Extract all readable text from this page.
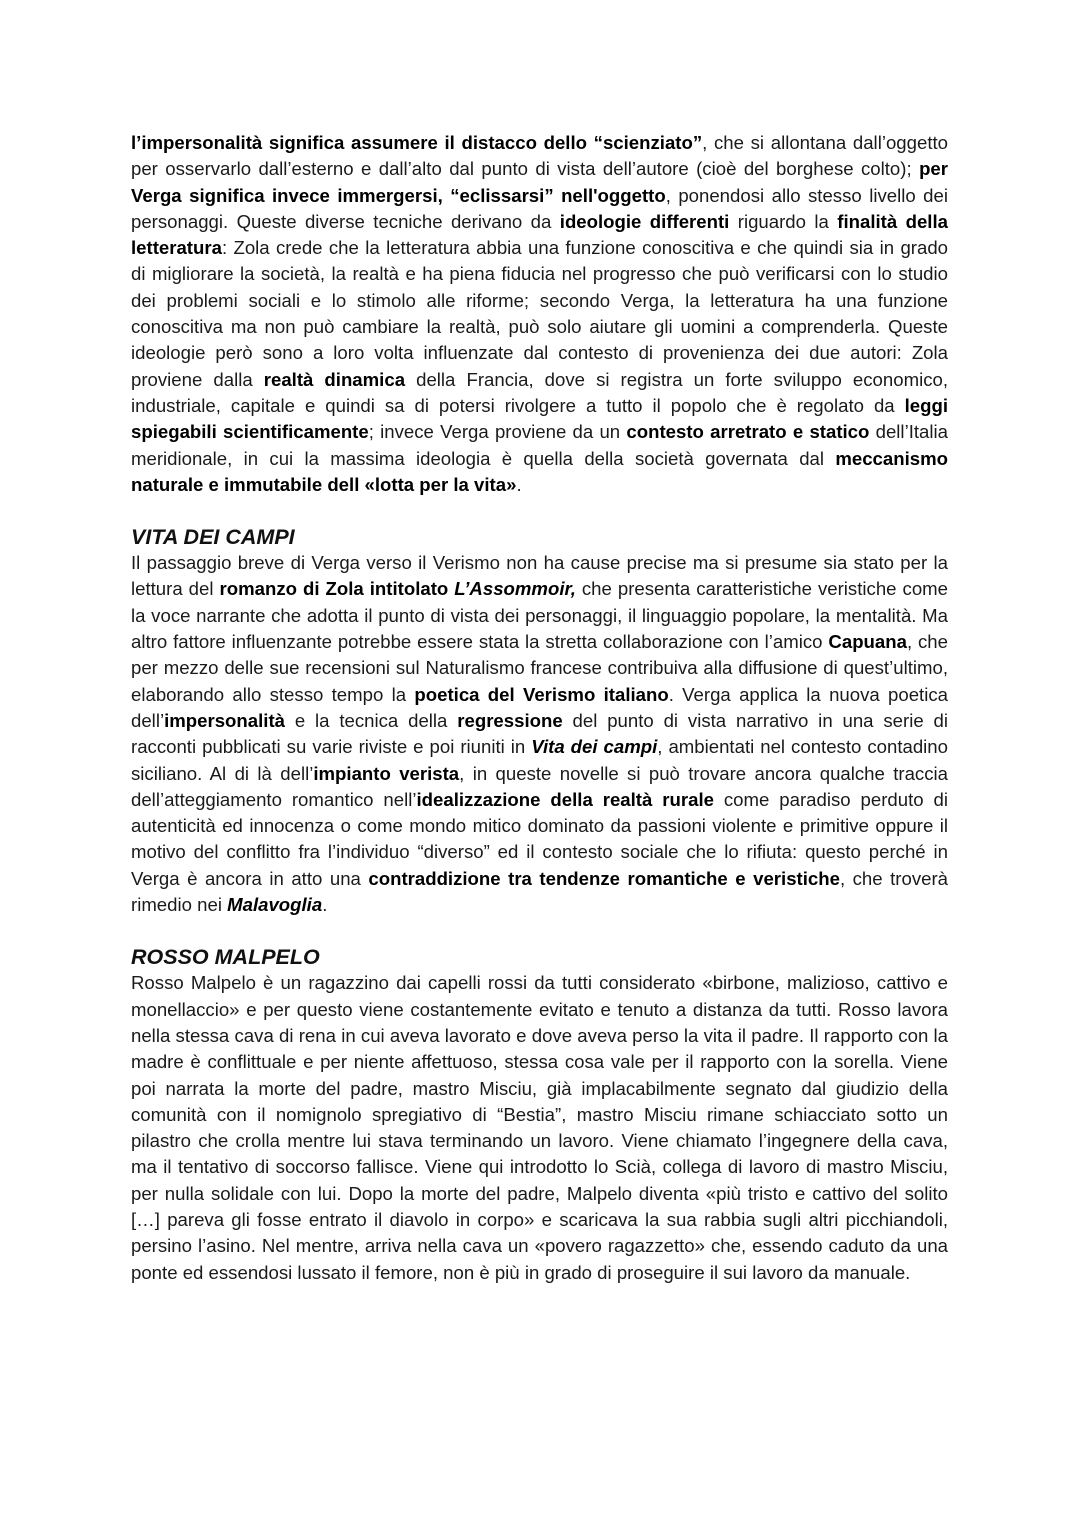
l’impersonalità significa assumere il distacco dello “scienziato”, che si allontana dall’oggetto per osservarlo dall’esterno e dall’alto dal punto di vista dell’autore (cioè del borghese colto); per Verga significa invece immergersi, “eclissarsi” nell'oggetto, ponendosi allo stesso livello dei personaggi. Queste diverse tecniche derivano da ideologie differenti riguardo la finalità della letteratura: Zola crede che la letteratura abbia una funzione conoscitiva e che quindi sia in grado di migliorare la società, la realtà e ha piena fiducia nel progresso che può verificarsi con lo studio dei problemi sociali e lo stimolo alle riforme; secondo Verga, la letteratura ha una funzione conoscitiva ma non può cambiare la realtà, può solo aiutare gli uomini a comprenderla. Queste ideologie però sono a loro volta influenzate dal contesto di provenienza dei due autori: Zola proviene dalla realtà dinamica della Francia, dove si registra un forte sviluppo economico, industriale, capitale e quindi sa di potersi rivolgere a tutto il popolo che è regolato da leggi spiegabili scientificamente; invece Verga proviene da un contesto arretrato e statico dell’Italia meridionale, in cui la massima ideologia è quella della società governata dal meccanismo naturale e immutabile dell «lotta per la vita».

VITA DEI CAMPI

Il passaggio breve di Verga verso il Verismo non ha cause precise ma si presume sia stato per la lettura del romanzo di Zola intitolato L’Assommoir, che presenta caratteristiche veristiche come la voce narrante che adotta il punto di vista dei personaggi, il linguaggio popolare, la mentalità. Ma altro fattore influenzante potrebbe essere stata la stretta collaborazione con l’amico Capuana, che per mezzo delle sue recensioni sul Naturalismo francese contribuiva alla diffusione di quest’ultimo, elaborando allo stesso tempo la poetica del Verismo italiano. Verga applica la nuova poetica dell’impersonalità e la tecnica della regressione del punto di vista narrativo in una serie di racconti pubblicati su varie riviste e poi riuniti in Vita dei campi, ambientati nel contesto contadino siciliano. Al di là dell’impianto verista, in queste novelle si può trovare ancora qualche traccia dell’atteggiamento romantico nell’idealizzazione della realtà rurale come paradiso perduto di autenticità ed innocenza o come mondo mitico dominato da passioni violente e primitive oppure il motivo del conflitto fra l’individuo “diverso” ed il contesto sociale che lo rifiuta: questo perché in Verga è ancora in atto una contraddizione tra tendenze romantiche e veristiche, che troverà rimedio nei Malavoglia.

ROSSO MALPELO

Rosso Malpelo è un ragazzino dai capelli rossi da tutti considerato «birbone, malizioso, cattivo e monellaccio» e per questo viene costantemente evitato e tenuto a distanza da tutti. Rosso lavora nella stessa cava di rena in cui aveva lavorato e dove aveva perso la vita il padre. Il rapporto con la madre è conflittuale e per niente affettuoso, stessa cosa vale per il rapporto con la sorella. Viene poi narrata la morte del padre, mastro Misciu, già implacabilmente segnato dal giudizio della comunità con il nomignolo spregiativo di “Bestia”, mastro Misciu rimane schiacciato sotto un pilastro che crolla mentre lui stava terminando un lavoro. Viene chiamato l’ingegnere della cava, ma il tentativo di soccorso fallisce. Viene qui introdotto lo Scià, collega di lavoro di mastro Misciu, per nulla solidale con lui. Dopo la morte del padre, Malpelo diventa «più tristo e cattivo del solito […] pareva gli fosse entrato il diavolo in corpo» e scaricava la sua rabbia sugli altri picchiandoli, persino l’asino. Nel mentre, arriva nella cava un «povero ragazzetto» che, essendo caduto da una ponte ed essendosi lussato il femore, non è più in grado di proseguire il sui lavoro da manuale.
